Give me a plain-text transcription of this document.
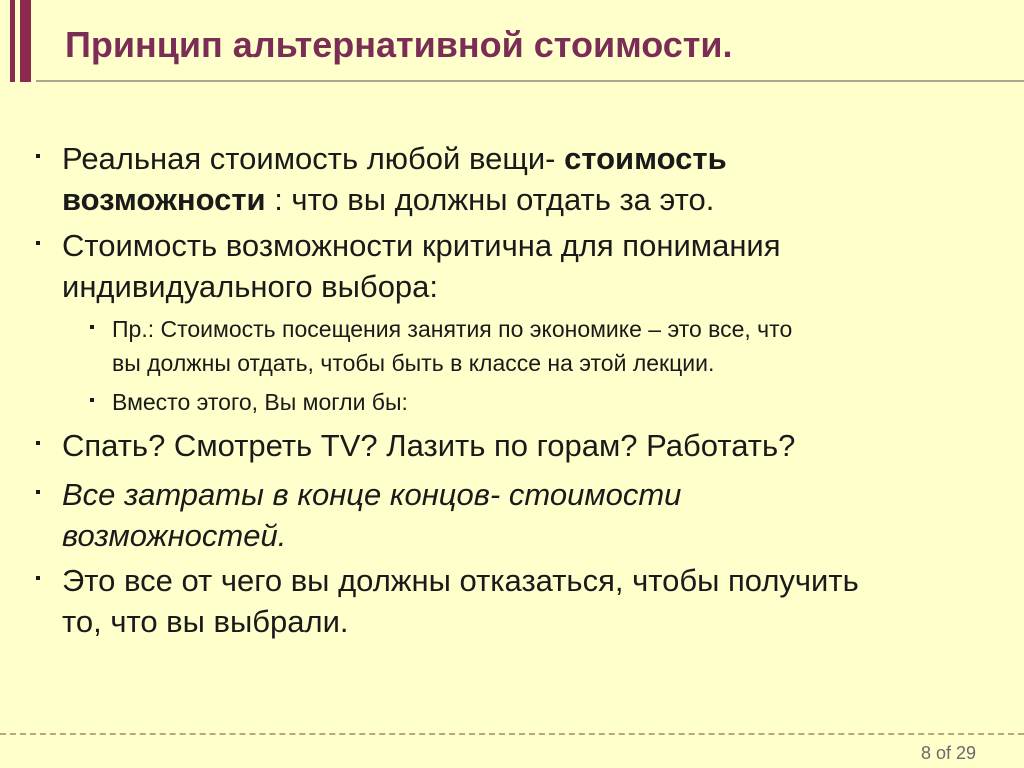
Принцип альтернативной стоимости.
Реальная стоимость любой вещи- стоимость
возможности : что вы должны отдать за это.
Стоимость возможности критична для понимания
индивидуального выбора:
Пр.: Стоимость посещения занятия по экономике – это все, что
вы должны отдать, чтобы быть в классе на этой лекции.
Вместо этого, Вы могли бы:
Спать? Смотреть TV? Лазить по горам? Работать?
Все затраты в конце концов- стоимости
возможностей.
Это все от чего вы должны отказаться, чтобы получить
то, что вы выбрали.
8 of 29
